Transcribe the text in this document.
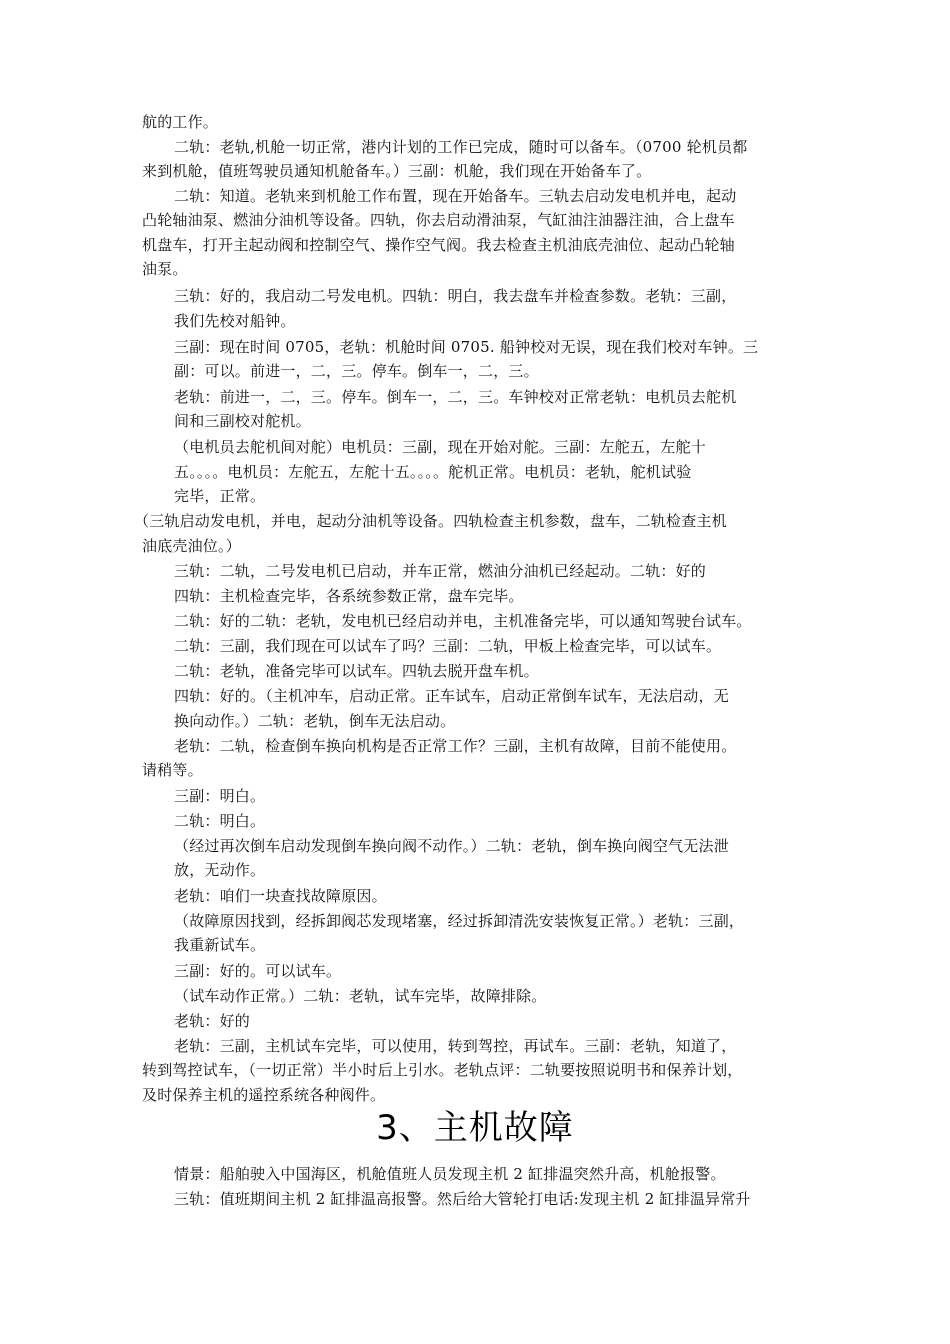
航的工作。
二轨：老轨,机舱一切正常，港内计划的工作已完成，随时可以备车。（0700 轮机员都
来到机舱，值班驾驶员通知机舱备车。）三副：机舱，我们现在开始备车了。
二轨：知道。老轨来到机舱工作布置，现在开始备车。三轨去启动发电机并电，起动
凸轮轴油泵、燃油分油机等设备。四轨，你去启动滑油泵，气缸油注油器注油，合上盘车
机盘车，打开主起动阀和控制空气、操作空气阀。我去检查主机油底壳油位、起动凸轮轴
油泵。
三轨：好的，我启动二号发电机。四轨：明白，我去盘车并检查参数。老轨：三副，
我们先校对船钟。
三副：现在时间 0705，老轨：机舱时间 0705. 船钟校对无误，现在我们校对车钟。三
副：可以。前进一，二，三。停车。倒车一，二，三。
老轨：前进一，二，三。停车。倒车一，二，三。车钟校对正常老轨：电机员去舵机
间和三副校对舵机。
（电机员去舵机间对舵）电机员：三副，现在开始对舵。三副：左舵五，左舵十
五。。。。电机员：左舵五，左舵十五。。。。舵机正常。电机员：老轨，舵机试验
完毕，正常。
（三轨启动发电机，并电，起动分油机等设备。四轨检查主机参数，盘车，二轨检查主机
油底壳油位。）
三轨：二轨，二号发电机已启动，并车正常，燃油分油机已经起动。二轨：好的
四轨：主机检查完毕，各系统参数正常，盘车完毕。
二轨：好的二轨：老轨，发电机已经启动并电，主机准备完毕，可以通知驾驶台试车。
二轨：三副，我们现在可以试车了吗？三副：二轨，甲板上检查完毕，可以试车。
二轨：老轨，准备完毕可以试车。四轨去脱开盘车机。
四轨：好的。（主机冲车，启动正常。正车试车，启动正常倒车试车，无法启动，无
换向动作。）二轨：老轨，倒车无法启动。
老轨：二轨，检查倒车换向机构是否正常工作？三副，主机有故障，目前不能使用。
请稍等。
三副：明白。
二轨：明白。
（经过再次倒车启动发现倒车换向阀不动作。）二轨：老轨，倒车换向阀空气无法泄
放，无动作。
老轨：咱们一块查找故障原因。
（故障原因找到，经拆卸阀芯发现堵塞，经过拆卸清洗安装恢复正常。）老轨：三副，
我重新试车。
三副：好的。可以试车。
（试车动作正常。）二轨：老轨，试车完毕，故障排除。
老轨：好的
老轨：三副，主机试车完毕，可以使用，转到驾控，再试车。三副：老轨，知道了，
转到驾控试车，（一切正常）半小时后上引水。老轨点评：二轨要按照说明书和保养计划，
及时保养主机的遥控系统各种阀件。
3、主机故障
情景：船舶驶入中国海区，机舱值班人员发现主机 2 缸排温突然升高，机舱报警。
三轨：值班期间主机 2 缸排温高报警。然后给大管轮打电话:发现主机 2 缸排温异常升
